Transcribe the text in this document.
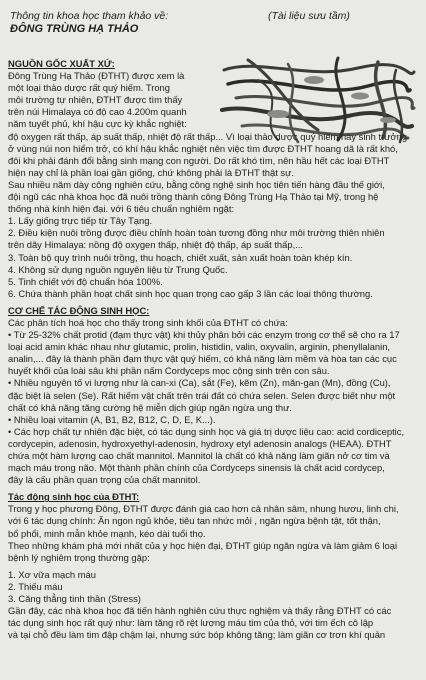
Thông tin khoa học tham khảo về:
ĐÔNG TRÙNG HẠ THẢO
(Tài liệu sưu tầm)

NGUỒN GỐC XUẤT XỨ:

Đông Trùng Hạ Thảo (ĐTHT) được xem là

một loại thảo dược rất quý hiếm. Trong

môi trường tự nhiên, ĐTHT được tìm thấy

trên núi Himalaya có độ cao 4.200m quanh

năm tuyết phủ, khí hậu cực kỳ khắc nghiệt:

độ oxygen rất thấp, áp suất thấp, nhiệt độ rất thấp... Vì loại thảo dược quý hiếm này sinh trưởng

ở vùng núi non hiểm trở, có khí hậu khắc nghiệt nên việc tìm được ĐTHT hoang dã là rất khó,

đôi khi phải đánh đổi bằng sinh mạng con người. Do rất khó tìm, nên hầu hết các loại ĐTHT

hiện nay chỉ là phần loại gần giống, chứ không phải là ĐTHT thật sự.

Sau nhiều năm dày công nghiên cứu, bằng công nghệ sinh học tiên tiến hàng đầu thế giới,

đội ngũ các nhà khoa học đã nuôi trồng thành công Đông Trùng Hạ Thảo tại Mỹ, trong hệ

thống nhà kính hiện đại. với 6 tiêu chuẩn nghiêm ngặt:

1. Lấy giống trực tiếp từ Tây Tạng.

2. Điều kiện nuôi trồng được điều chỉnh hoàn toàn tương đồng như môi trường thiên nhiên

trên dãy Himalaya: nồng độ oxygen thấp, nhiệt độ thấp, áp suất thấp,...

3. Toàn bộ quy trình nuôi trồng, thu hoạch, chiết xuất, sản xuất hoàn toàn khép kín.

4. Không sử dụng nguồn nguyên liệu từ Trung Quốc.

5. Tinh chiết với độ chuẩn hóa 100%.

6. Chứa thành phần hoạt chất sinh học quan trọng cao gấp 3 lần các loại thông thường.

CƠ CHẾ TÁC ĐỘNG SINH HỌC:

Các phân tích hoá học cho thấy trong sinh khối của ĐTHT có chứa:

• Từ 25-32% chất protid (đạm thực vật) khi thủy phân bởi các enzym trong cơ thể sẽ cho ra 17

loại acid amin khác nhau như glutamic, prolin, histidin, valin, oxyvalin, arginin, phenyllalanin,

analin,... đây là thành phần đạm thực vật quý hiếm, có khả năng làm mềm và hòa tan các cục

huyết khối của loài sâu khi phần nấm Cordyceps mọc cộng sinh trên con sâu.

• Nhiều nguyên tố vi lượng như là can-xi (Ca), sắt (Fe), kẽm (Zn), măn-gan (Mn), đồng (Cu),

đặc biệt là selen (Se). Rất hiếm vật chất trên trái đất có chứa selen. Selen được biết như một

chất có khả năng tăng cường hệ miễn dịch giúp ngăn ngừa ung thư.

• Nhiều loại vitamin (A, B1, B2, B12, C, D, E, K...).

• Các hợp chất tự nhiên đặc biệt, có tác dụng sinh học và giá trị dược liệu cao: acid cordiceptic,

cordycepin, adenosin, hydroxyethyl-adenosin, hydroxy etyl adenosin analogs (HEAA). ĐTHT

chứa một hàm lượng cao chất mannitol. Mannitol là chất có khả năng làm giãn nở cơ tim và

mạch máu trong não. Một thành phần chính của Cordyceps sinensis là chất acid cordycep,

đây là cấu phần quan trọng của chất mannitol.

Tác động sinh học của ĐTHT:

Trong y học phương Đông, ĐTHT được đánh giá cao hơn cả nhân sâm, nhung hươu, linh chi,

với 6 tác dụng chính: Ăn ngon ngủ khỏe, tiêu tan nhức mỏi , ngăn ngừa bệnh tật, tốt thận,

bổ phổi, minh mẫn khỏe mạnh, kéo dài tuổi thọ.

Theo những khám phá mới nhất của y học hiện đại, ĐTHT giúp ngăn ngừa và làm giảm 6 loại

bệnh lý nghiêm trọng thường gặp:

1. Xơ vữa mạch máu

2. Thiếu máu

3. Căng thẳng tinh thần (Stress)

Gần đây, các nhà khoa học đã tiến hành nghiên cứu thực nghiệm và thấy rằng ĐTHT có các

tác dụng sinh học rất quý như: làm tăng rõ rệt lượng máu tim của thỏ, với tim ếch cô lập

và tại chỗ đều làm tim đập chậm lại, nhưng sức bóp không tăng; làm giãn cơ trơn khí quản
